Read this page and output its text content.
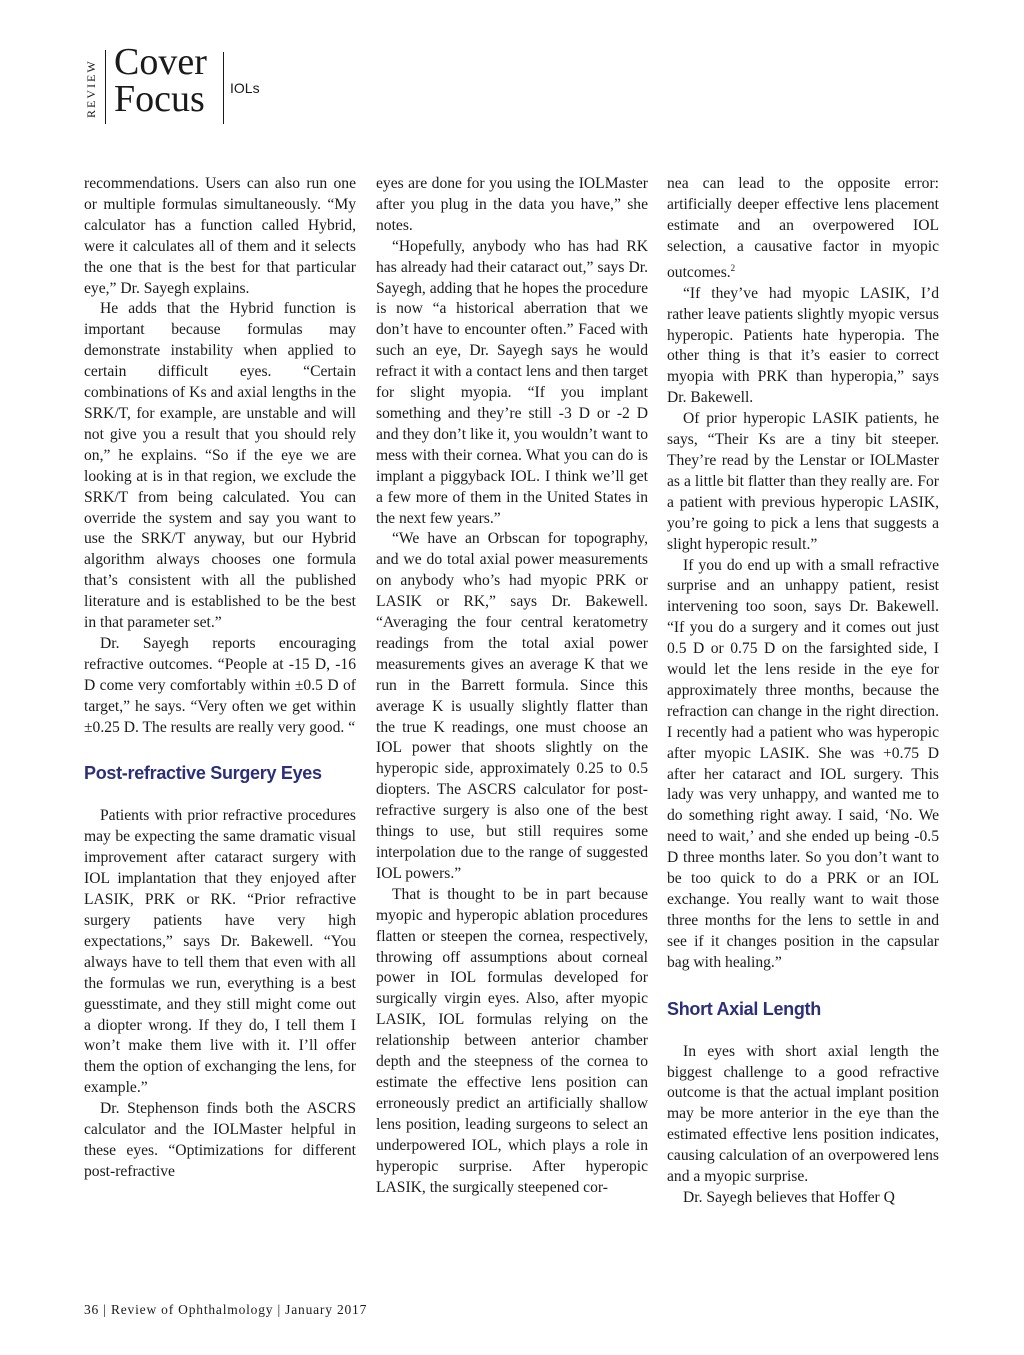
REVIEW Cover
Focus IOLs

recommendations. Users can also run one or multiple formulas simultaneously. “My calculator has a function called Hybrid, were it calculates all of them and it selects the one that is the best for that particular eye,” Dr. Sayegh explains.

He adds that the Hybrid function is important because formulas may demonstrate instability when applied to certain difficult eyes. “Certain combinations of Ks and axial lengths in the SRK/T, for example, are unstable and will not give you a result that you should rely on,” he explains. “So if the eye we are looking at is in that region, we exclude the SRK/T from being calculated. You can override the system and say you want to use the SRK/T anyway, but our Hybrid algorithm always chooses one formula that’s consistent with all the published literature and is established to be the best in that parameter set.”

Dr. Sayegh reports encouraging refractive outcomes. “People at -15 D, -16 D come very comfortably within ±0.5 D of target,” he says. “Very often we get within ±0.25 D. The results are really very good. “

Post-refractive Surgery Eyes

Patients with prior refractive procedures may be expecting the same dramatic visual improvement after cataract surgery with IOL implantation that they enjoyed after LASIK, PRK or RK. “Prior refractive surgery patients have very high expectations,” says Dr. Bakewell. “You always have to tell them that even with all the formulas we run, everything is a best guesstimate, and they still might come out a diopter wrong. If they do, I tell them I won’t make them live with it. I’ll offer them the option of exchanging the lens, for example.”

Dr. Stephenson finds both the ASCRS calculator and the IOLMaster helpful in these eyes. “Optimizations for different post-refractive

eyes are done for you using the IOLMaster after you plug in the data you have,” she notes.

“Hopefully, anybody who has had RK has already had their cataract out,” says Dr. Sayegh, adding that he hopes the procedure is now “a historical aberration that we don’t have to encounter often.” Faced with such an eye, Dr. Sayegh says he would refract it with a contact lens and then target for slight myopia. “If you implant something and they’re still -3 D or -2 D and they don’t like it, you wouldn’t want to mess with their cornea. What you can do is implant a piggyback IOL. I think we’ll get a few more of them in the United States in the next few years.”

“We have an Orbscan for topography, and we do total axial power measurements on anybody who’s had myopic PRK or LASIK or RK,” says Dr. Bakewell. “Averaging the four central keratometry readings from the total axial power measurements gives an average K that we run in the Barrett formula. Since this average K is usually slightly flatter than the true K readings, one must choose an IOL power that shoots slightly on the hyperopic side, approximately 0.25 to 0.5 diopters. The ASCRS calculator for post-refractive surgery is also one of the best things to use, but still requires some interpolation due to the range of suggested IOL powers.”

That is thought to be in part because myopic and hyperopic ablation procedures flatten or steepen the cornea, respectively, throwing off assumptions about corneal power in IOL formulas developed for surgically virgin eyes. Also, after myopic LASIK, IOL formulas relying on the relationship between anterior chamber depth and the steepness of the cornea to estimate the effective lens position can erroneously predict an artificially shallow lens position, leading surgeons to select an underpowered IOL, which plays a role in hyperopic surprise. After hyperopic LASIK, the surgically steepened cor-

nea can lead to the opposite error: artificially deeper effective lens placement estimate and an overpowered IOL selection, a causative factor in myopic outcomes.$^2$

“If they’ve had myopic LASIK, I’d rather leave patients slightly myopic versus hyperopic. Patients hate hyperopia. The other thing is that it’s easier to correct myopia with PRK than hyperopia,” says Dr. Bakewell.

Of prior hyperopic LASIK patients, he says, “Their Ks are a tiny bit steeper. They’re read by the Lenstar or IOLMaster as a little bit flatter than they really are. For a patient with previous hyperopic LASIK, you’re going to pick a lens that suggests a slight hyperopic result.”

If you do end up with a small refractive surprise and an unhappy patient, resist intervening too soon, says Dr. Bakewell. “If you do a surgery and it comes out just 0.5 D or 0.75 D on the farsighted side, I would let the lens reside in the eye for approximately three months, because the refraction can change in the right direction. I recently had a patient who was hyperopic after myopic LASIK. She was +0.75 D after her cataract and IOL surgery. This lady was very unhappy, and wanted me to do something right away. I said, ‘No. We need to wait,’ and she ended up being -0.5 D three months later. So you don’t want to be too quick to do a PRK or an IOL exchange. You really want to wait those three months for the lens to settle in and see if it changes position in the capsular bag with healing.”

Short Axial Length

In eyes with short axial length the biggest challenge to a good refractive outcome is that the actual implant position may be more anterior in the eye than the estimated effective lens position indicates, causing calculation of an overpowered lens and a myopic surprise.

Dr. Sayegh believes that Hoffer Q

36 | Review of Ophthalmology | January 2017
